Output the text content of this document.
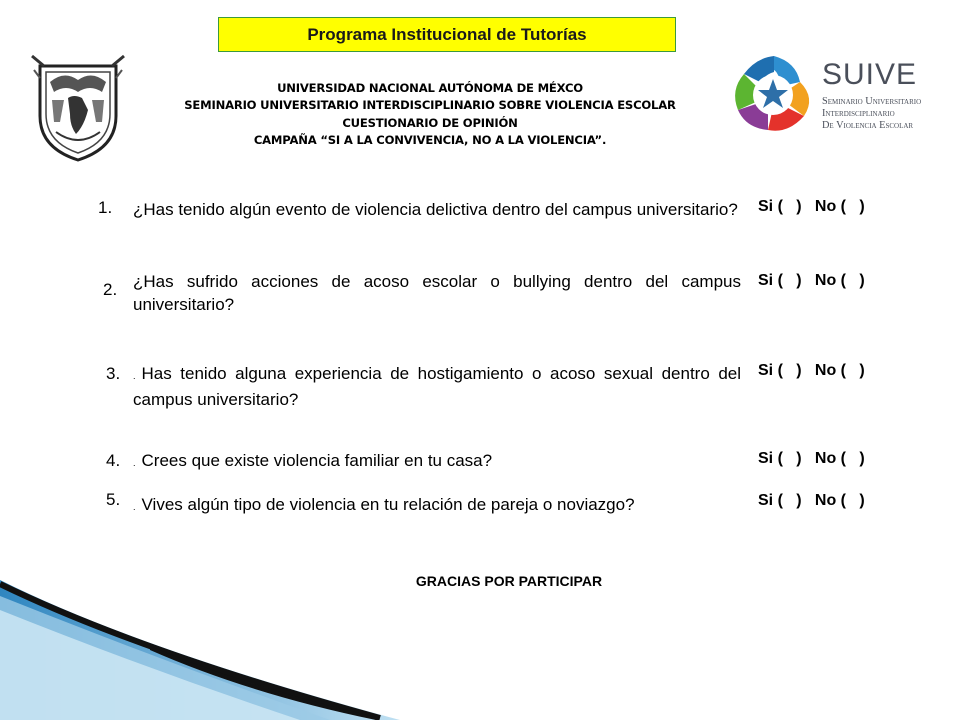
Programa Institucional de Tutorías
UNIVERSIDAD NACIONAL AUTÓNOMA DE MÉXCO
SEMINARIO UNIVERSITARIO INTERDISCIPLINARIO SOBRE VIOLENCIA ESCOLAR
CUESTIONARIO DE OPINIÓN
CAMPAÑA “SI A LA CONVIVENCIA, NO A LA VIOLENCIA”.
SUIVE
Seminario Universitario
Interdisciplinario
De Violencia Escolar
1. ¿Has tenido algún evento de violencia delictiva dentro del campus universitario? Si (   )   No (   )
2. ¿Has sufrido acciones de acoso escolar o bullying dentro del campus universitario?
Si (   )   No (   )
3. . Has tenido alguna experiencia de hostigamiento o acoso sexual dentro del campus universitario?
Si (   )   No (   )
4. . Crees que existe violencia familiar en tu casa?	Si (   )   No (   )
5. . Vives algún tipo de violencia en tu relación de pareja o noviazgo?	Si (   )   No (   )
GRACIAS POR PARTICIPAR
